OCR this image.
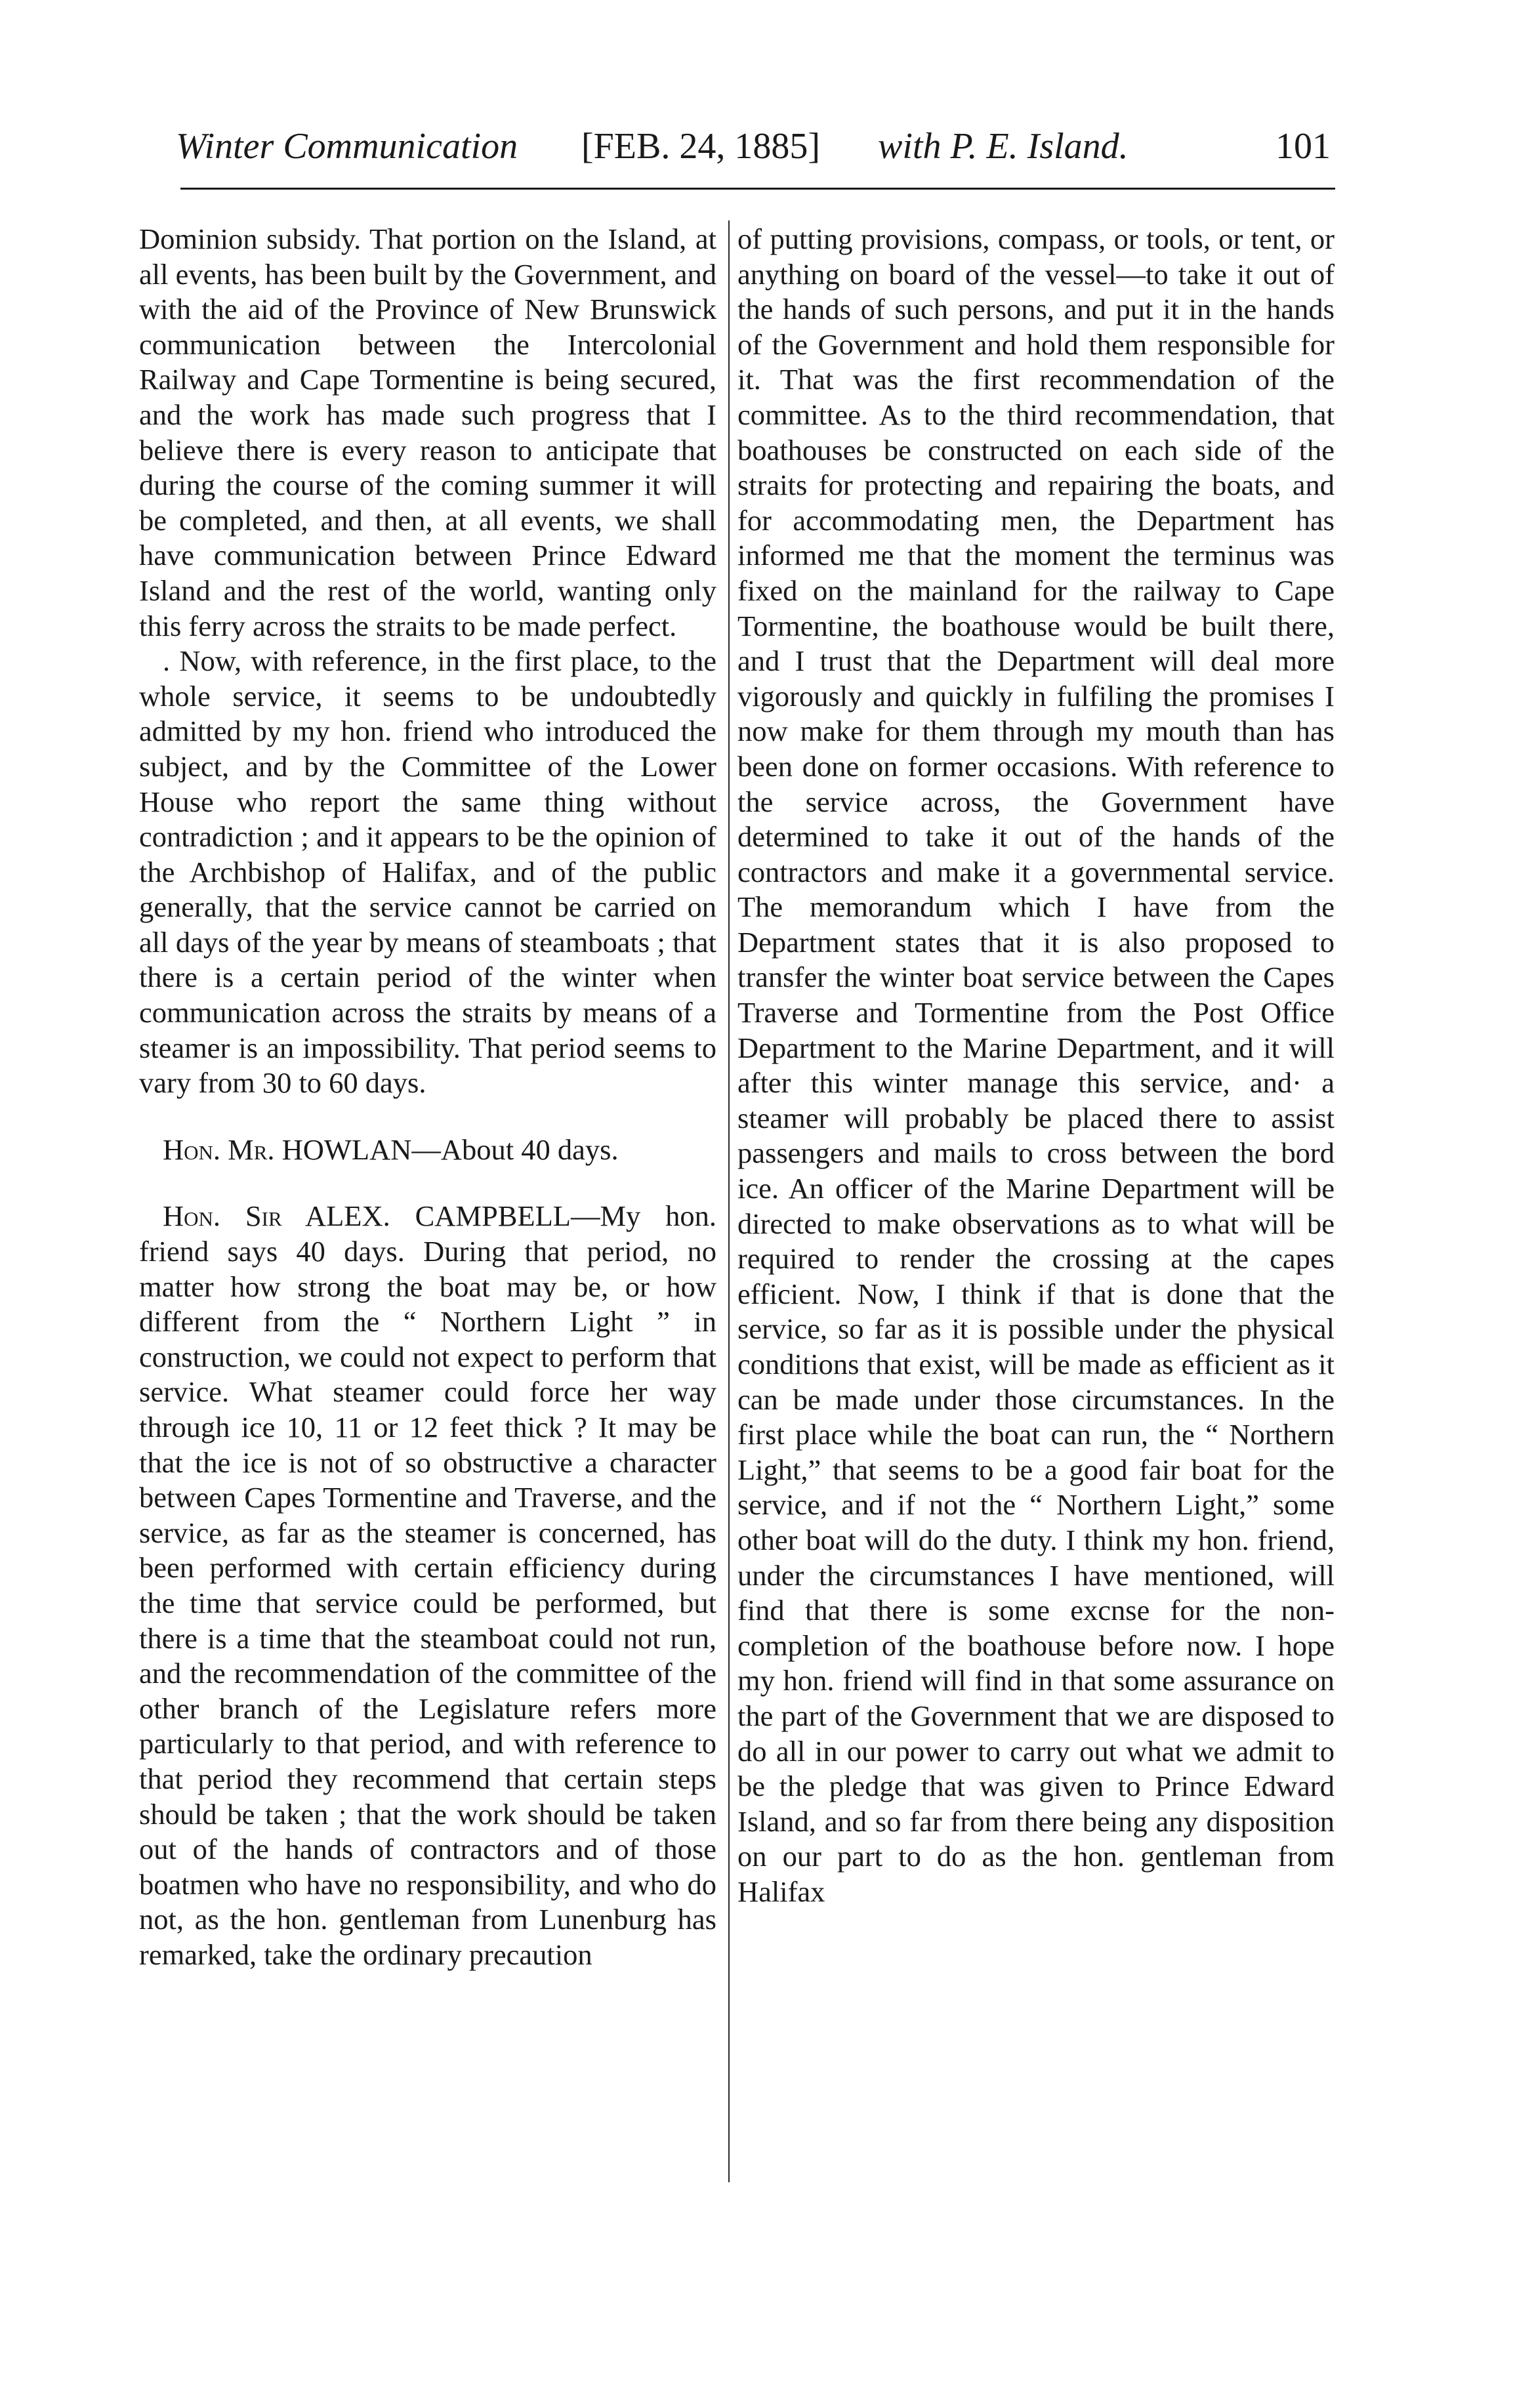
Winter Communication [FEB. 24, 1885] with P. E. Island.	101

Dominion subsidy. That portion on the Island, at all events, has been built by the Government, and with the aid of the Province of New Brunswick communication between the Intercolonial Railway and Cape Tormentine is being secured, and the work has made such progress that I believe there is every reason to anticipate that during the course of the coming summer it will be completed, and then, at all events, we shall have communication between Prince Edward Island and the rest of the world, wanting only this ferry across the straits to be made perfect.

. Now, with reference, in the first place, to the whole service, it seems to be undoubtedly admitted by my hon. friend who introduced the subject, and by the Committee of the Lower House who report the same thing without contradiction ; and it appears to be the opinion of the Archbishop of Halifax, and of the public generally, that the service cannot be carried on all days of the year by means of steamboats ; that there is a certain period of the winter when communication across the straits by means of a steamer is an impossibility. That period seems to vary from 30 to 60 days.

Hon. Mr. HOWLAN—About 40 days.

Hon. Sir ALEX. CAMPBELL—My hon. friend says 40 days. During that period, no matter how strong the boat may be, or how different from the “ Northern Light ” in construction, we could not expect to perform that service. What steamer could force her way through ice 10, 11 or 12 feet thick ? It may be that the ice is not of so obstructive a character between Capes Tormentine and Traverse, and the service, as far as the steamer is concerned, has been performed with certain efficiency during the time that service could be performed, but there is a time that the steamboat could not run, and the recommendation of the committee of the other branch of the Legislature refers more particularly to that period, and with reference to that period they recommend that certain steps should be taken ; that the work should be taken out of the hands of contractors and of those boatmen who have no responsibility, and who do not, as the hon. gentleman from Lunenburg has remarked, take the ordinary precaution

of putting provisions, compass, or tools, or tent, or anything on board of the vessel—to take it out of the hands of such persons, and put it in the hands of the Government and hold them responsible for it. That was the first recommendation of the committee. As to the third recommendation, that boathouses be constructed on each side of the straits for protecting and repairing the boats, and for accommodating men, the Department has informed me that the moment the terminus was fixed on the mainland for the railway to Cape Tormentine, the boathouse would be built there, and I trust that the Department will deal more vigorously and quickly in fulfiling the promises I now make for them through my mouth than has been done on former occasions. With reference to the service across, the Government have determined to take it out of the hands of the contractors and make it a governmental service. The memorandum which I have from the Department states that it is also proposed to transfer the winter boat service between the Capes Traverse and Tormentine from the Post Office Department to the Marine Department, and it will after this winter manage this service, and· a steamer will probably be placed there to assist passengers and mails to cross between the bord ice. An officer of the Marine Department will be directed to make observations as to what will be required to render the crossing at the capes efficient. Now, I think if that is done that the service, so far as it is possible under the physical conditions that exist, will be made as efficient as it can be made under those circumstances. In the first place while the boat can run, the “ Northern Light,” that seems to be a good fair boat for the service, and if not the “ Northern Light,” some other boat will do the duty. I think my hon. friend, under the circumstances I have mentioned, will find that there is some excnse for the non-completion of the boathouse before now. I hope my hon. friend will find in that some assurance on the part of the Government that we are disposed to do all in our power to carry out what we admit to be the pledge that was given to Prince Edward Island, and so far from there being any disposition on our part to do as the hon. gentleman from Halifax
